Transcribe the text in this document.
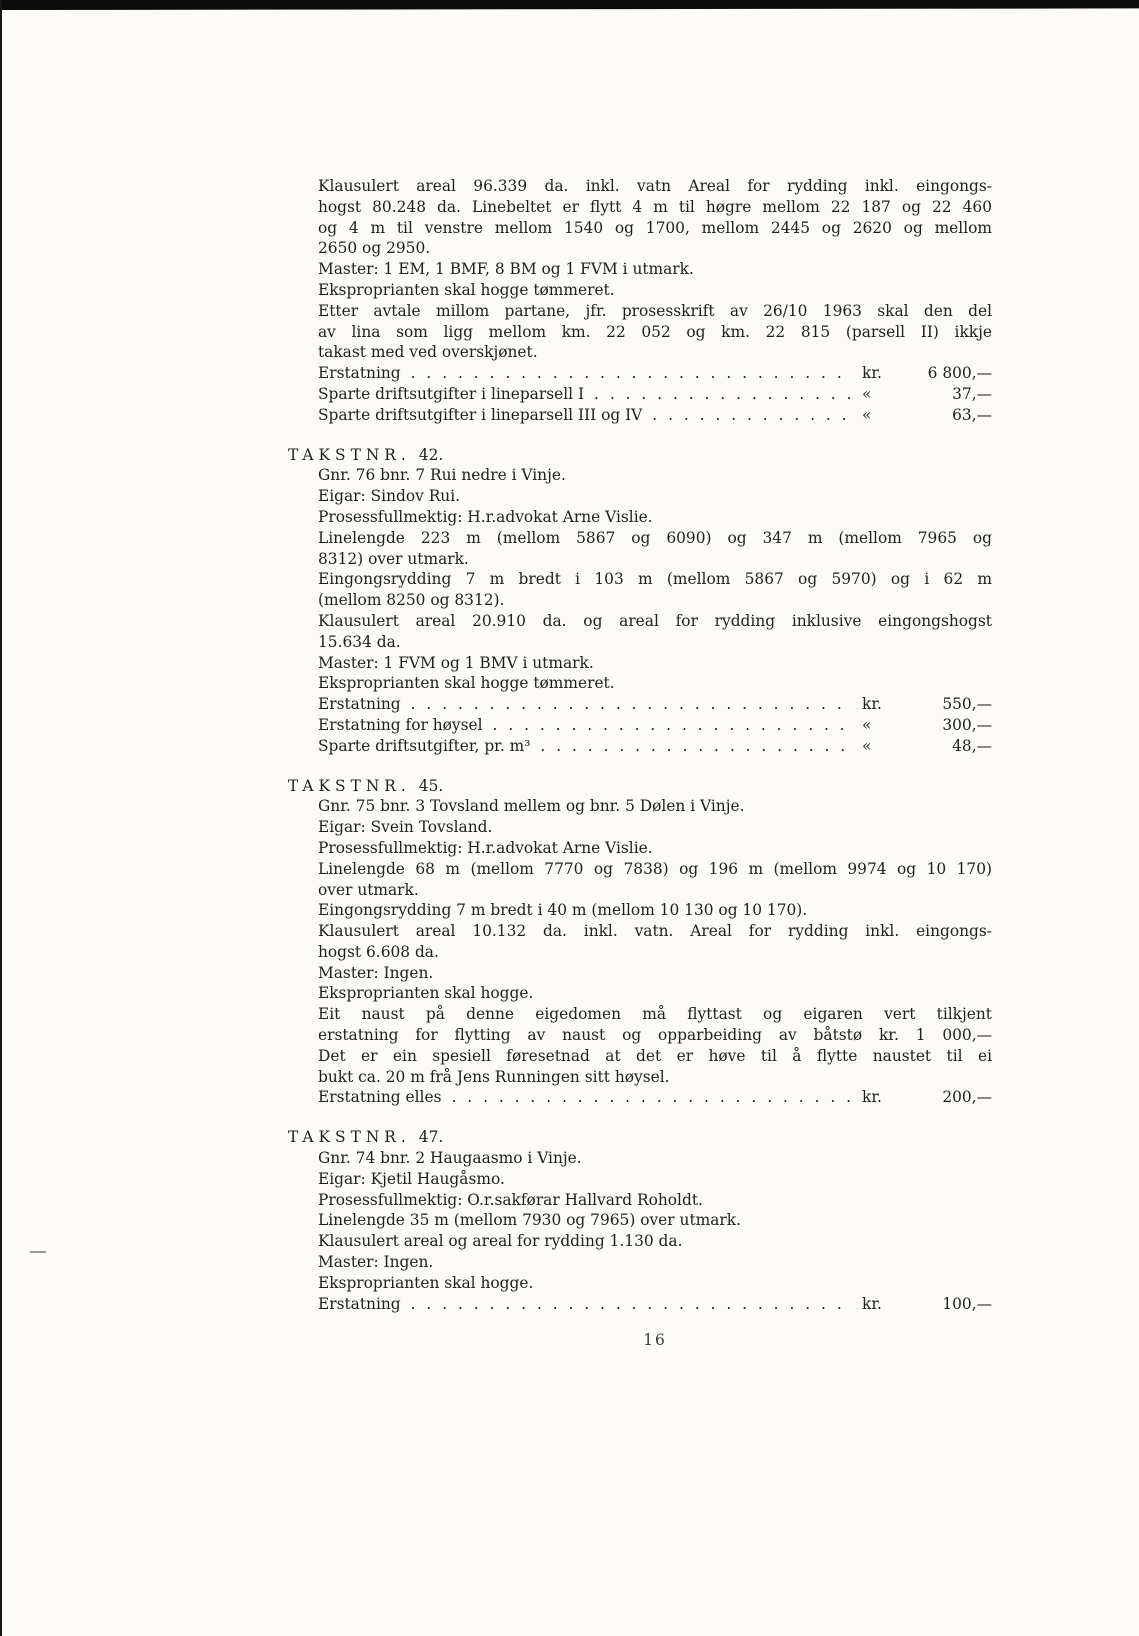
Klausulert areal 96.339 da. inkl. vatn Areal for rydding inkl. eingongs-
hogst 80.248 da. Linebeltet er flytt 4 m til høgre mellom 22 187 og 22 460
og 4 m til venstre mellom 1540 og 1700, mellom 2445 og 2620 og mellom
2650 og 2950.
Master: 1 EM, 1 BMF, 8 BM og 1 FVM i utmark.
Eksproprianten skal hogge tømmeret.
Etter avtale millom partane, jfr. prosesskrift av 26/10 1963 skal den del
av lina som ligg mellom km. 22 052 og km. 22 815 (parsell II) ikkje
takast med ved overskjønet.
Erstatning . . .	kr.	6 800,—
Sparte driftsutgifter i lineparsell I . . .	«	37,—
Sparte driftsutgifter i lineparsell III og IV . . .	«	63,—
TAKSTNR. 42.
Gnr. 76 bnr. 7 Rui nedre i Vinje.
Eigar: Sindov Rui.
Prosessfullmektig: H.r.advokat Arne Vislie.
Linelengde 223 m (mellom 5867 og 6090) og 347 m (mellom 7965 og
8312) over utmark.
Eingongsrydding 7 m bredt i 103 m (mellom 5867 og 5970) og i 62 m
(mellom 8250 og 8312).
Klausulert areal 20.910 da. og areal for rydding inklusive eingongshogst
15.634 da.
Master: 1 FVM og 1 BMV i utmark.
Eksproprianten skal hogge tømmeret.
Erstatning . . .	kr.	550,—
Erstatning for høysel . . .	«	300,—
Sparte driftsutgifter, pr. m³ . . .	«	48,—
TAKSTNR. 45.
Gnr. 75 bnr. 3 Tovsland mellem og bnr. 5 Dølen i Vinje.
Eigar: Svein Tovsland.
Prosessfullmektig: H.r.advokat Arne Vislie.
Linelengde 68 m (mellom 7770 og 7838) og 196 m (mellom 9974 og 10 170)
over utmark.
Eingongsrydding 7 m bredt i 40 m (mellom 10 130 og 10 170).
Klausulert areal 10.132 da. inkl. vatn. Areal for rydding inkl. eingongs-
hogst 6.608 da.
Master: Ingen.
Eksproprianten skal hogge.
Eit naust på denne eigedomen må flyttast og eigaren vert tilkjent
erstatning for flytting av naust og opparbeiding av båtstø kr. 1 000,—
Det er ein spesiell føresetnad at det er høve til å flytte naustet til ei
bukt ca. 20 m frå Jens Runningen sitt høysel.
Erstatning elles . . .	kr.	200,—
TAKSTNR. 47.
Gnr. 74 bnr. 2 Haugaasmo i Vinje.
Eigar: Kjetil Haugåsmo.
Prosessfullmektig: O.r.sakførar Hallvard Roholdt.
Linelengde 35 m (mellom 7930 og 7965) over utmark.
Klausulert areal og areal for rydding 1.130 da.
Master: Ingen.
Eksproprianten skal hogge.
Erstatning . . .	kr.	100,—
16
